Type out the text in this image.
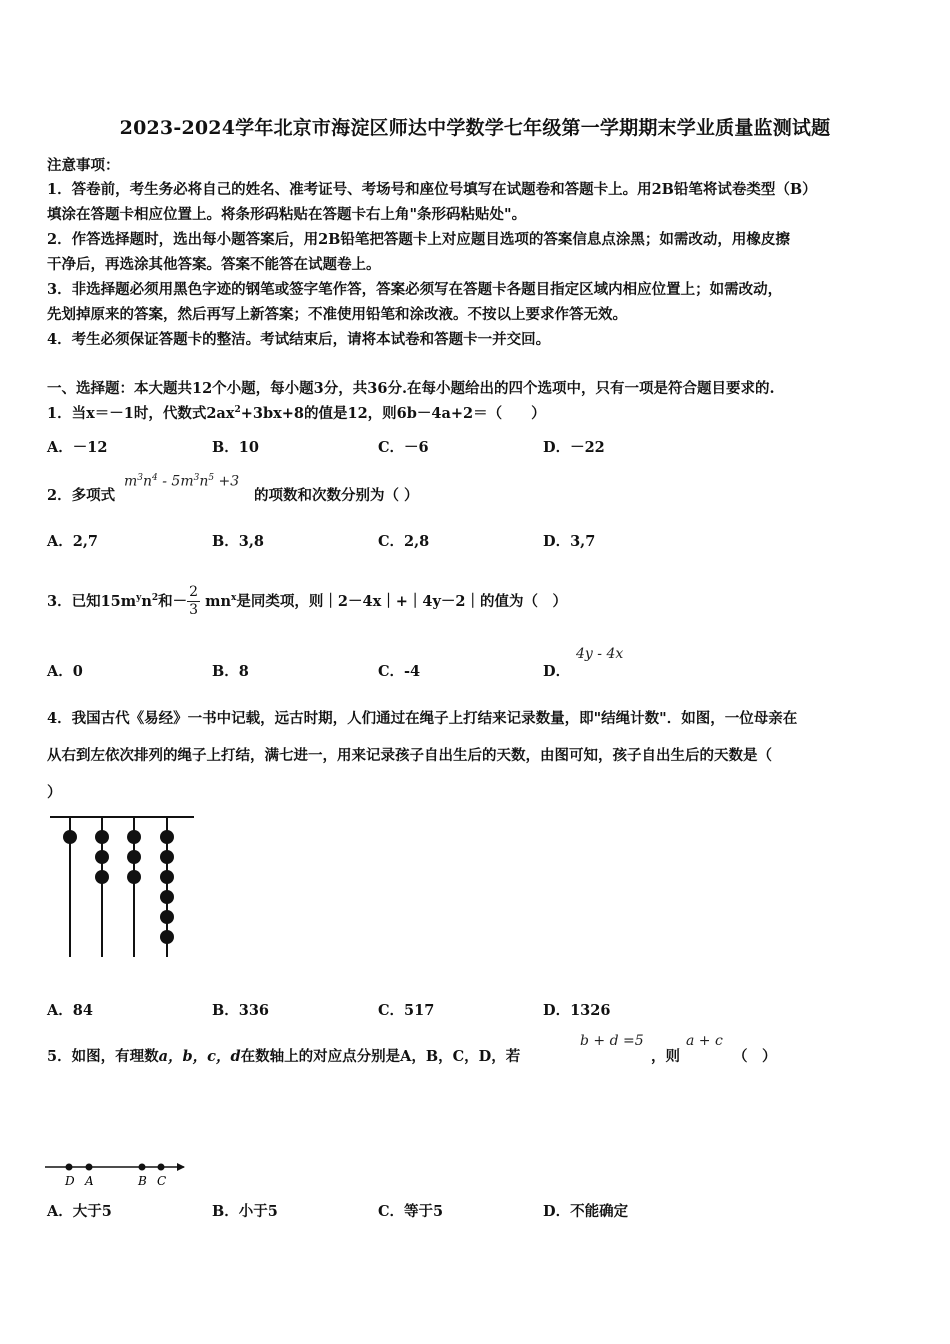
2023-2024学年北京市海淀区师达中学数学七年级第一学期期末学业质量监测试题
注意事项：
1．答卷前，考生务必将自己的姓名、准考证号、考场号和座位号填写在试题卷和答题卡上。用2B铅笔将试卷类型（B）
填涂在答题卡相应位置上。将条形码粘贴在答题卡右上角"条形码粘贴处"。
2．作答选择题时，选出每小题答案后，用2B铅笔把答题卡上对应题目选项的答案信息点涂黑；如需改动，用橡皮擦
干净后，再选涂其他答案。答案不能答在试题卷上。
3．非选择题必须用黑色字迹的钢笔或签字笔作答，答案必须写在答题卡各题目指定区域内相应位置上；如需改动，
先划掉原来的答案，然后再写上新答案；不准使用铅笔和涂改液。不按以上要求作答无效。
4．考生必须保证答题卡的整洁。考试结束后，请将本试卷和答题卡一并交回。
一、选择题：本大题共12个小题，每小题3分，共36分.在每小题给出的四个选项中，只有一项是符合题目要求的.
1．当x＝－1时，代数式$2ax^2+3bx+8$的值是12，则6b－4a+2＝（　　）
A．－12	B．10	C．－6	D．－22
2．多项式
$m^3n^4 - 5m^3n^5 +3$
的项数和次数分别为（ ）
A．2,7	B．3,8	C．2,8	D．3,7
3．已知$15m^yn^2$和－ $\frac{2}{3} mn^x$是同类项，则｜2－4x｜+｜4y－2｜的值为（　）
A．0	B．8	C．-4	D．
4y - 4x
4．我国古代《易经》一书中记载，远古时期，人们通过在绳子上打结来记录数量，即"结绳计数"．如图，一位母亲在
从右到左依次排列的绳子上打结，满七进一，用来记录孩子自出生后的天数，由图可知，孩子自出生后的天数是（
）
A．84	B．336	C．517	D．1326
5．如图，有理数a，b，c，d在数轴上的对应点分别是A，B，C，D，若
b + d =5
，则
a + c
（　）
D A	B C
A．大于5	B．小于5	C．等于5	D．不能确定
